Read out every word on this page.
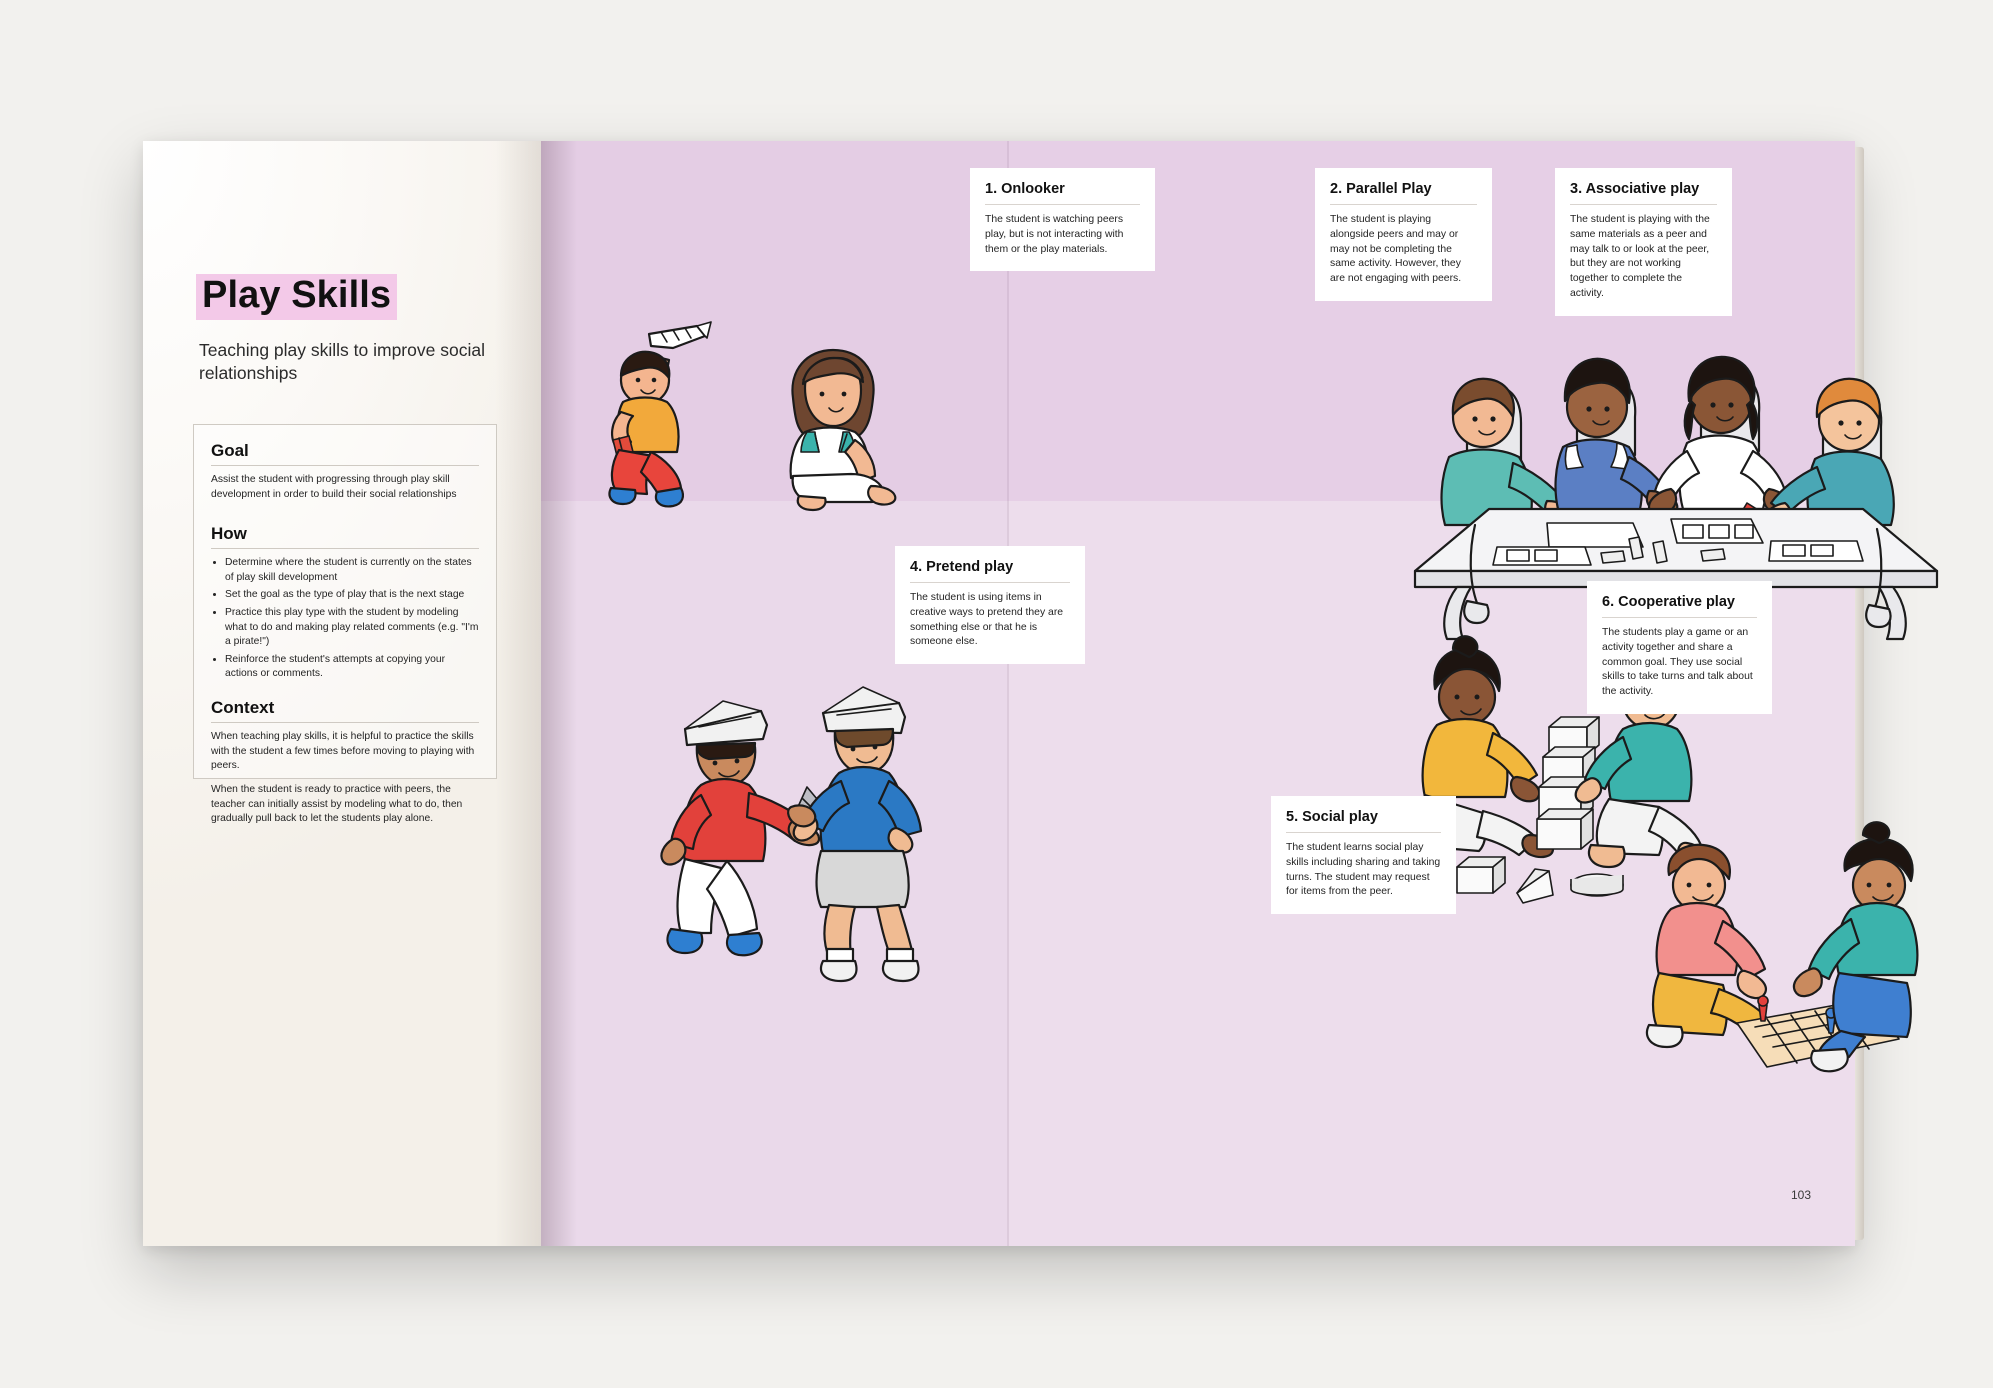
Play Skills
Teaching play skills to improve social relationships
Goal

Assist the student with progressing through play skill development in order to build their social relationships

How
• Determine where the student is currently on the states of play skill development
• Set the goal as the type of play that is the next stage
• Practice this play type with the student by modeling what to do and making play related comments (e.g. "I'm a pirate!")
• Reinforce the student's attempts at copying your actions or comments.
Context

When teaching play skills, it is helpful to practice the skills with the student a few times before moving to playing with peers.

When the student is ready to practice with peers, the teacher can initially assist by modeling what to do, then gradually pull back to let the students play alone.

1. Onlooker

The student is watching peers play, but is not interacting with them or the play materials.

2. Parallel Play

The student is playing alongside peers and may or may not be completing the same activity. However, they are not engaging with peers.

3. Associative play

The student is playing with the same materials as a peer and may talk to or look at the peer, but they are not working together to complete the activity.

4. Pretend play

The student is using items in creative ways to pretend they are something else or that he is someone else.

5. Social play

The student learns social play skills including sharing and taking turns. The student may request for items from the peer.

6. Cooperative play

The students play a game or an activity together and share a common goal. They use social skills to take turns and talk about the activity.

103
